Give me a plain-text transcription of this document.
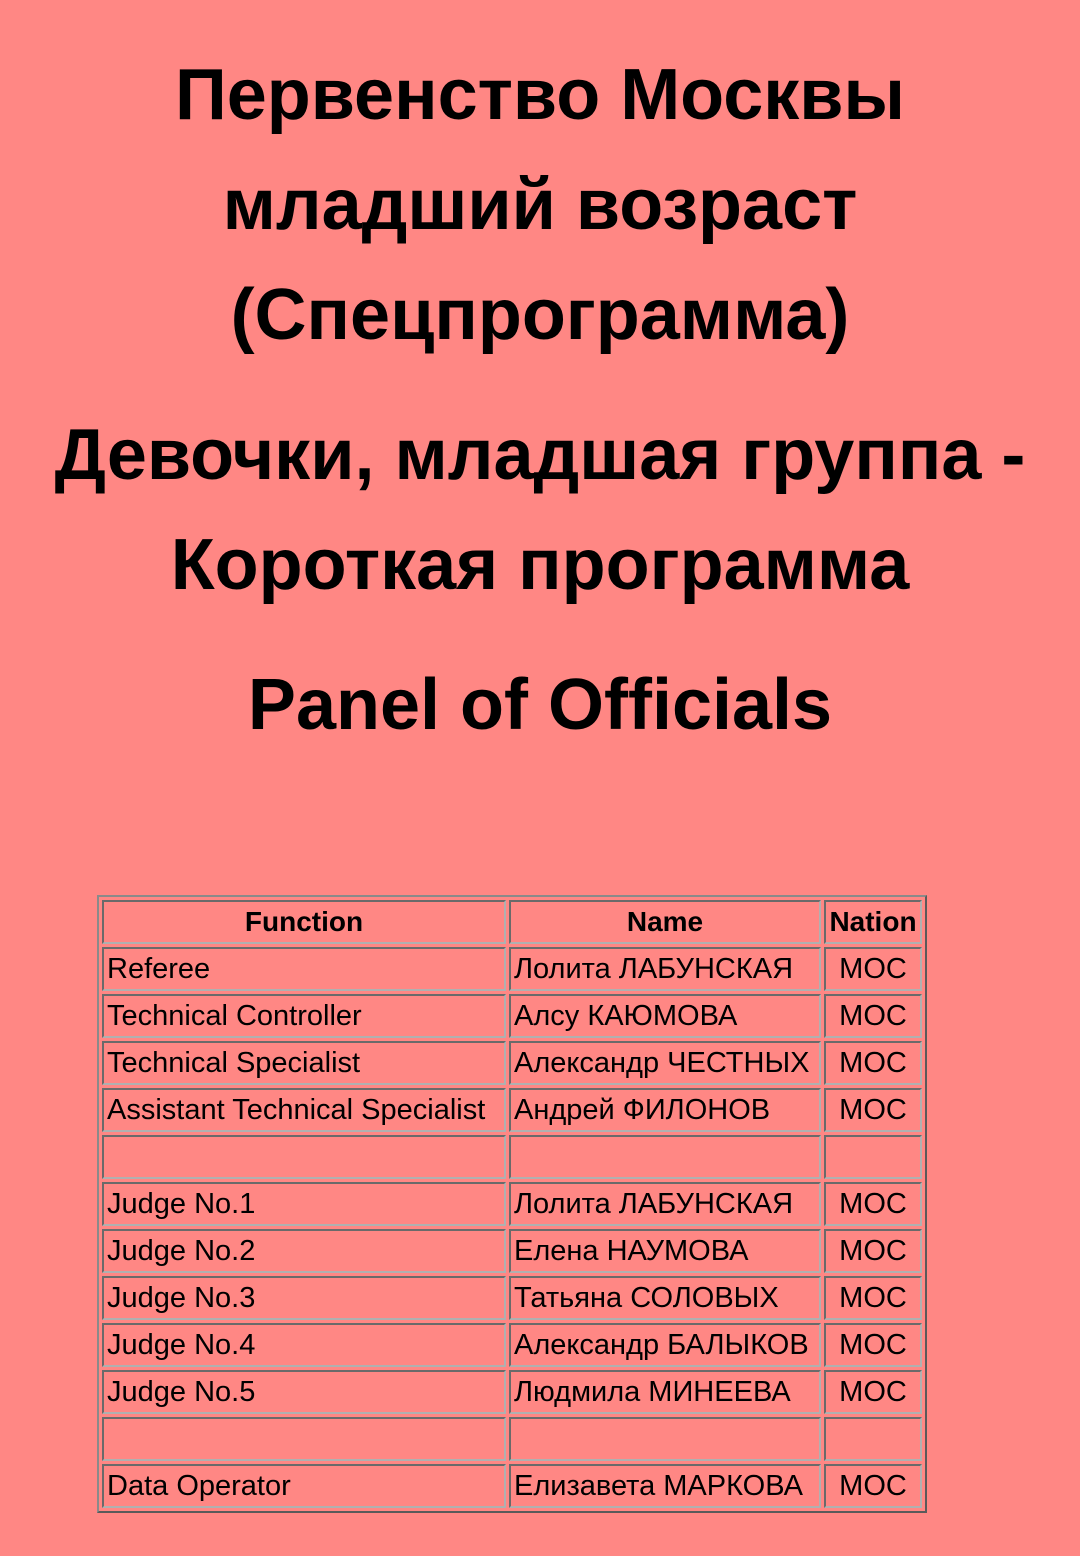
Первенство Москвы младший возраст (Спецпрограмма)
Девочки, младшая группа - Короткая программа
Panel of Officials
Function	Name	Nation
Referee	Лолита ЛАБУНСКАЯ	MOC
Technical Controller	Алсу КАЮМОВА	MOC
Technical Specialist	Александр ЧЕСТНЫХ	MOC
Assistant Technical Specialist	Андрей ФИЛОНОВ	MOC

Judge No.1	Лолита ЛАБУНСКАЯ	MOC
Judge No.2	Елена НАУМОВА	MOC
Judge No.3	Татьяна СОЛОВЫХ	MOC
Judge No.4	Александр БАЛЫКОВ	MOC
Judge No.5	Людмила МИНЕЕВА	MOC

Data Operator	Елизавета МАРКОВА	MOC
